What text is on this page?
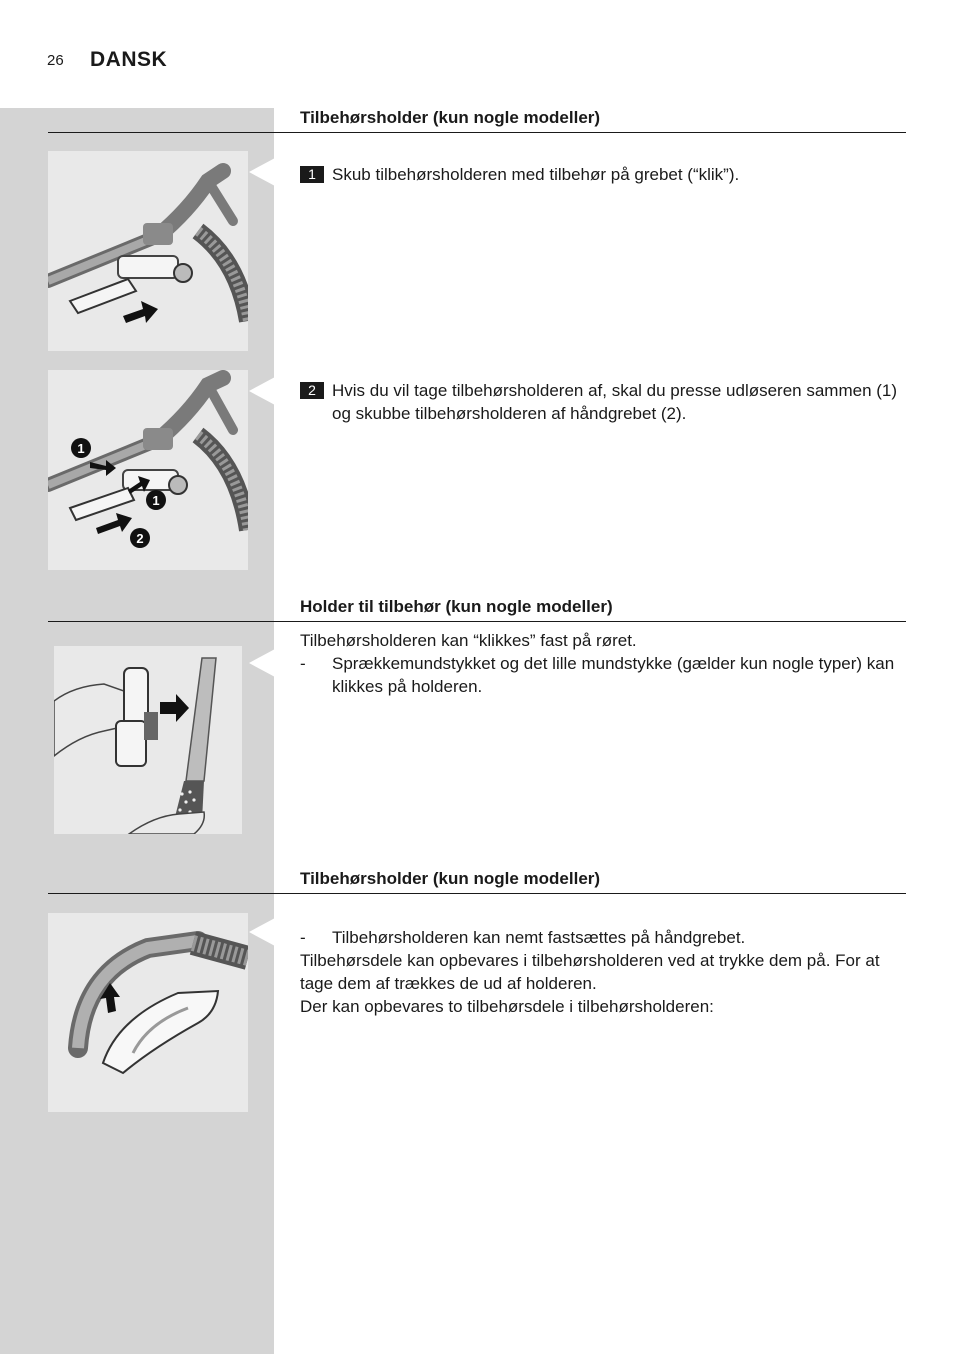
26 DANSK
Tilbehørsholder (kun nogle modeller)
1 Skub tilbehørsholderen med tilbehør på grebet (“klik”).
1
1
2
2 Hvis du vil tage tilbehørsholderen af, skal du presse udløseren sammen (1) og skubbe tilbehørsholderen af håndgrebet (2).
Holder til tilbehør (kun nogle modeller)

Tilbehørsholderen kan “klikkes” fast på røret.

- Sprækkemundstykket og det lille mundstykke (gælder kun nogle typer) kan klikkes på holderen.
Tilbehørsholder (kun nogle modeller)
- Tilbehørsholderen kan nemt fastsættes på håndgrebet.

Tilbehørsdele kan opbevares i tilbehørsholderen ved at trykke dem på. For at tage dem af trækkes de ud af holderen.

Der kan opbevares to tilbehørsdele i tilbehørsholderen:
